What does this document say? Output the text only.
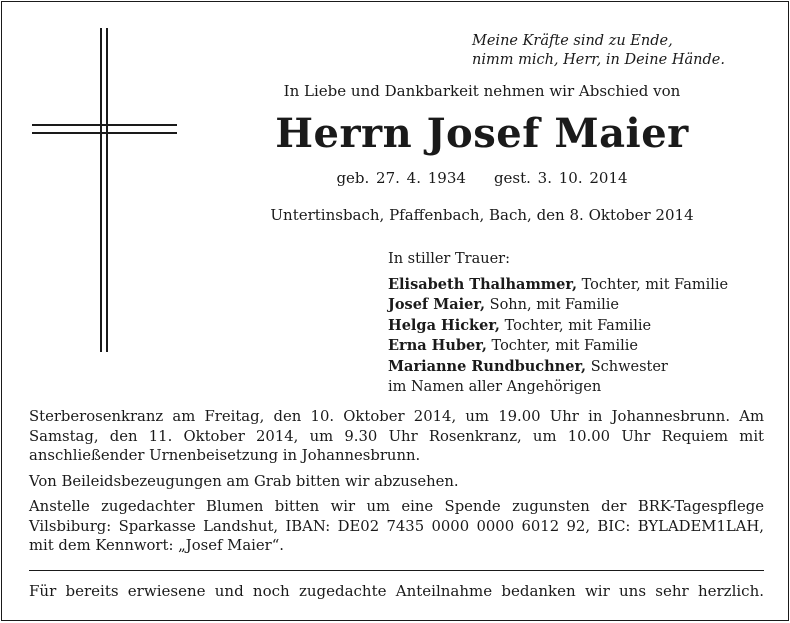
Meine Kräfte sind zu Ende,
nimm mich, Herr, in Deine Hände.
In Liebe und Dankbarkeit nehmen wir Abschied von
Herrn Josef Maier
geb. 27. 4. 1934 gest. 3. 10. 2014
Untertinsbach, Pfaffenbach, Bach, den 8. Oktober 2014
In stiller Trauer:
Elisabeth Thalhammer, Tochter, mit Familie
Josef Maier, Sohn, mit Familie
Helga Hicker, Tochter, mit Familie
Erna Huber, Tochter, mit Familie
Marianne Rundbuchner, Schwester
im Namen aller Angehörigen

Sterberosenkranz am Freitag, den 10. Oktober 2014, um 19.00 Uhr in Johannesbrunn. Am Samstag, den 11. Oktober 2014, um 9.30 Uhr Rosenkranz, um 10.00 Uhr Requiem mit anschließender Urnenbeisetzung in Johannesbrunn.

Von Beileidsbezeugungen am Grab bitten wir abzusehen.

Anstelle zugedachter Blumen bitten wir um eine Spende zugunsten der BRK-Tagespflege Vilsbiburg: Sparkasse Landshut, IBAN: DE02 7435 0000 0000 6012 92, BIC: BYLADEM1LAH, mit dem Kennwort: „Josef Maier“.

Für bereits erwiesene und noch zugedachte Anteilnahme bedanken wir uns sehr herzlich.
